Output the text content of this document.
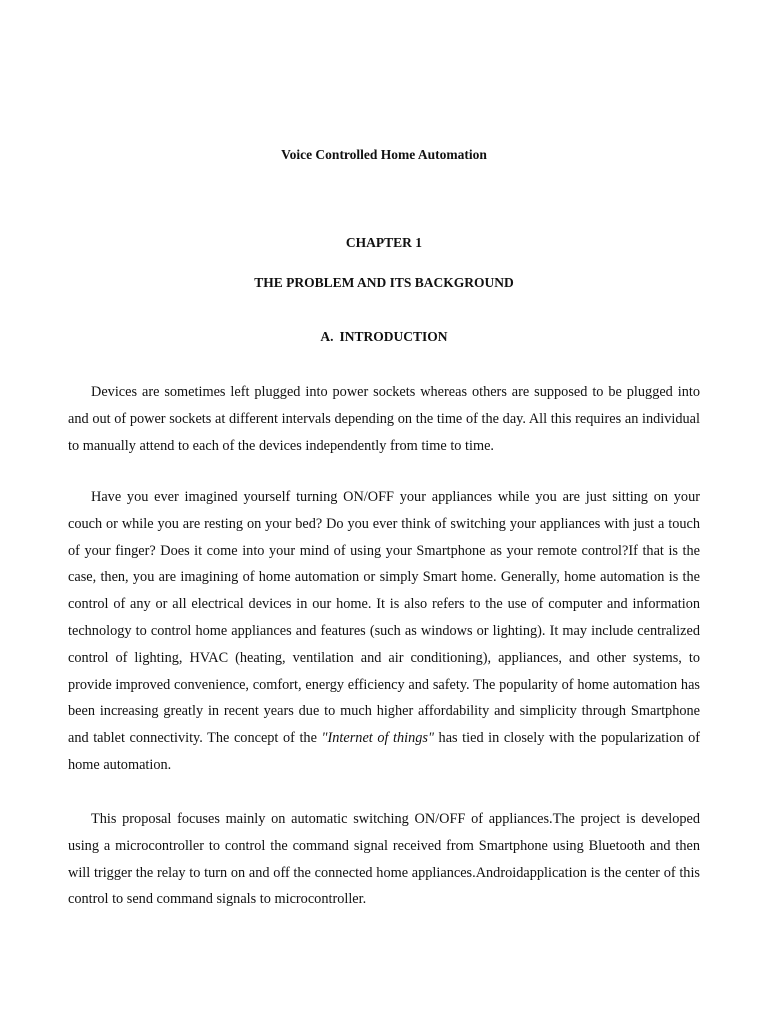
Voice Controlled Home Automation
CHAPTER 1
THE PROBLEM AND ITS BACKGROUND
A. INTRODUCTION

Devices are sometimes left plugged into power sockets whereas others are supposed to be plugged into and out of power sockets at different intervals depending on the time of the day. All this requires an individual to manually attend to each of the devices independently from time to time.

Have you ever imagined yourself turning ON/OFF your appliances while you are just sitting on your couch or while you are resting on your bed? Do you ever think of switching your appliances with just a touch of your finger? Does it come into your mind of using your Smartphone as your remote control?If that is the case, then, you are imagining of home automation or simply Smart home. Generally, home automation is the control of any or all electrical devices in our home. It is also refers to the use of computer and information technology to control home appliances and features (such as windows or lighting). It may include centralized control of lighting, HVAC (heating, ventilation and air conditioning), appliances, and other systems, to provide improved convenience, comfort, energy efficiency and safety. The popularity of home automation has been increasing greatly in recent years due to much higher affordability and simplicity through Smartphone and tablet connectivity. The concept of the "Internet of things" has tied in closely with the popularization of home automation.

This proposal focuses mainly on automatic switching ON/OFF of appliances.The project is developed using a microcontroller to control the command signal received from Smartphone using Bluetooth and then will trigger the relay to turn on and off the connected home appliances.Androidapplication is the center of this control to send command signals to microcontroller.
